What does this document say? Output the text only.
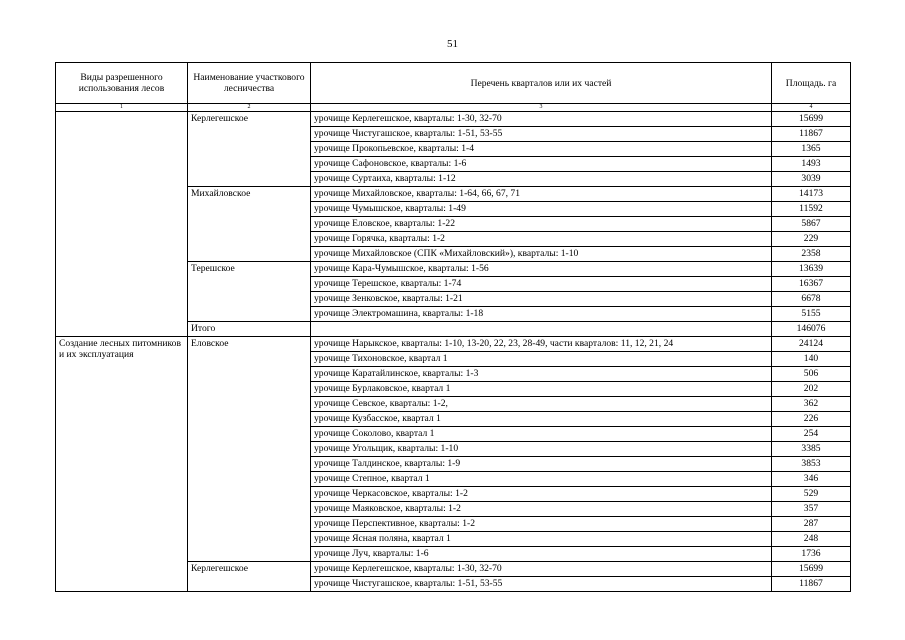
51
Виды разрешенного использования лесов	Наименование участкового лесничества	Перечень кварталов или их частей	Площадь. га
1	2	3	4
	Керлегешское	урочище Керлегешское, кварталы: 1-30, 32-70	15699
		урочище Чистугашское, кварталы: 1-51, 53-55	11867
		урочище Прокопьевское, кварталы: 1-4	1365
		урочище Сафоновское, кварталы: 1-6	1493
		урочище Суртаиха, кварталы: 1-12	3039
	Михайловское	урочище Михайловское, кварталы: 1-64, 66, 67, 71	14173
		урочище Чумышское, кварталы: 1-49	11592
		урочище Еловское, кварталы: 1-22	5867
		урочище Горячка, кварталы: 1-2	229
		урочище Михайловское (СПК «Михайловский»), кварталы: 1-10	2358
	Терешское	урочище Кара-Чумышское, кварталы: 1-56	13639
		урочище Терешское, кварталы: 1-74	16367
		урочище Зенковское, кварталы: 1-21	6678
		урочище Электромашина, кварталы: 1-18	5155
	Итого		146076
Создание лесных питомников и их эксплуатация	Еловское	урочище Нарыкское, кварталы: 1-10, 13-20, 22, 23, 28-49, части кварталов: 11, 12, 21, 24	24124
		урочище Тихоновское, квартал 1	140
		урочище Каратайлинское, кварталы: 1-3	506
		урочище Бурлаковское, квартал 1	202
		урочище Севское, кварталы: 1-2,	362
		урочище Кузбасское, квартал 1	226
		урочище Соколово, квартал 1	254
		урочище Угольщик, кварталы: 1-10	3385
		урочище Талдинское, кварталы: 1-9	3853
		урочище Степное, квартал 1	346
		урочище Черкасовское, кварталы: 1-2	529
		урочище Маяковское, кварталы: 1-2	357
		урочище Перспективное, кварталы: 1-2	287
		урочище Ясная поляна, квартал 1	248
		урочище Луч, кварталы: 1-6	1736
	Керлегешское	урочище Керлегешское, кварталы: 1-30, 32-70	15699
		урочище Чистугашское, кварталы: 1-51, 53-55	11867
